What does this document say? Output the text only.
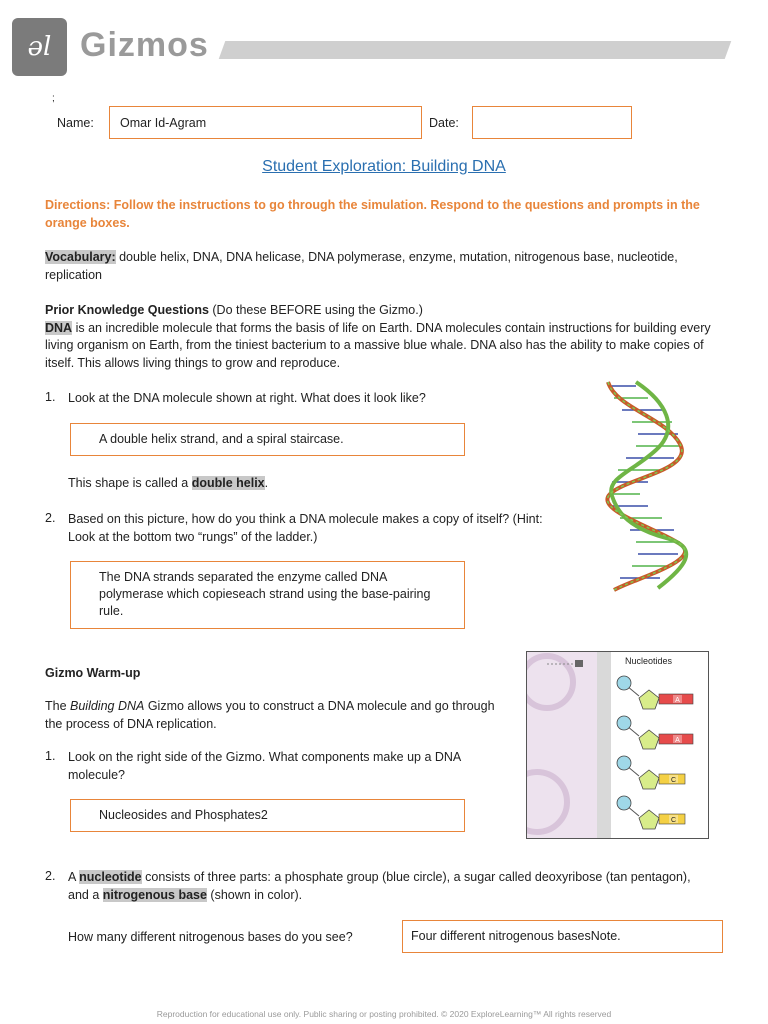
əl Gizmos
;
Name:	Omar Id-Agram	Date:
Student Exploration: Building DNA
Directions: Follow the instructions to go through the simulation. Respond to the questions and prompts in the orange boxes.
Vocabulary: double helix, DNA, DNA helicase, DNA polymerase, enzyme, mutation, nitrogenous base, nucleotide, replication
Prior Knowledge Questions (Do these BEFORE using the Gizmo.)
DNA is an incredible molecule that forms the basis of life on Earth. DNA molecules contain instructions for building every living organism on Earth, from the tiniest bacterium to a massive blue whale. DNA also has the ability to make copies of itself. This allows living things to grow and reproduce.
1. Look at the DNA molecule shown at right. What does it look like?
A double helix strand, and a spiral staircase.
This shape is called a double helix.
2. Based on this picture, how do you think a DNA molecule makes a copy of itself? (Hint: Look at the bottom two “rungs” of the ladder.)
The DNA strands separated the enzyme called DNA polymerase which copieseach strand using the base-pairing rule.
Gizmo Warm-up
The Building DNA Gizmo allows you to construct a DNA molecule and go through the process of DNA replication.
1. Look on the right side of the Gizmo. What components make up a DNA molecule?
Nucleosides and Phosphates2
Nucleotides
A
A
C
C
2. A nucleotide consists of three parts: a phosphate group (blue circle), a sugar called deoxyribose (tan pentagon), and a nitrogenous base (shown in color).
How many different nitrogenous bases do you see?	Four different nitrogenous basesNote.
Reproduction for educational use only. Public sharing or posting prohibited. © 2020 ExploreLearning™ All rights reserved
